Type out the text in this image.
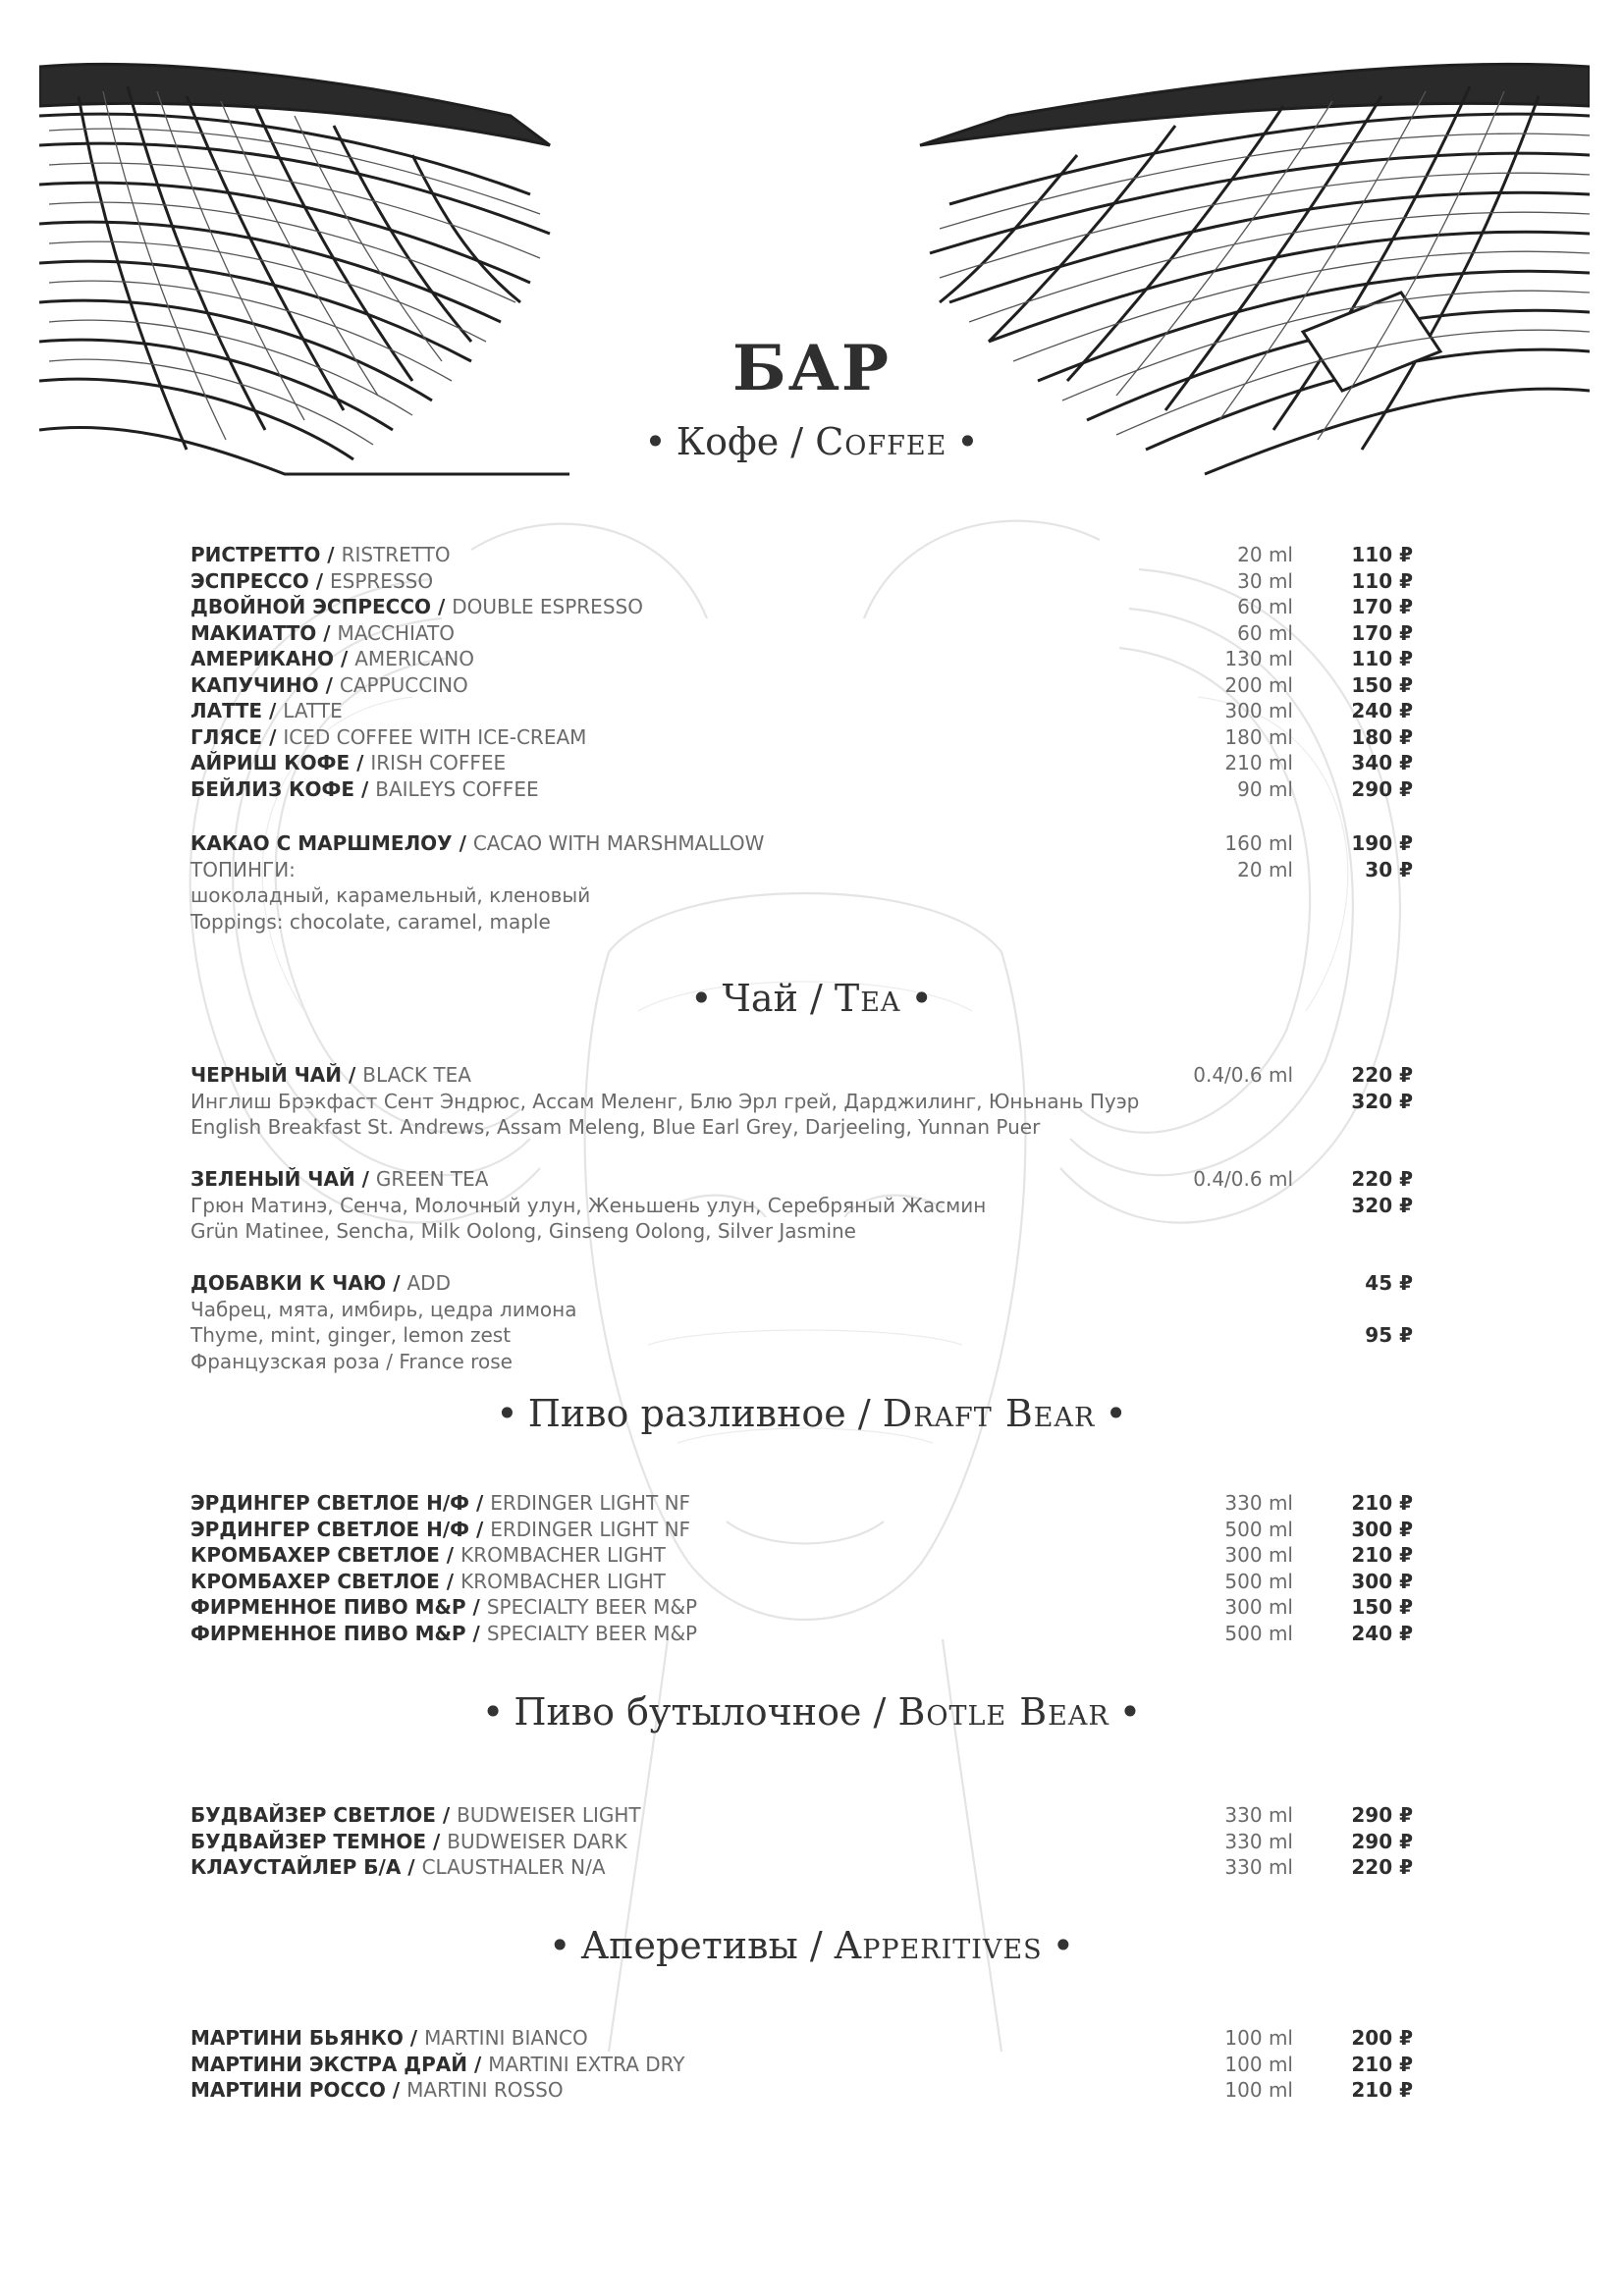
БАР
• Кофе / Coffee •
РИСТРЕТТО / RISTRETTO	20 ml	110 ₽
ЭСПРЕССО / ESPRESSO	30 ml	110 ₽
ДВОЙНОЙ ЭСПРЕССО / DOUBLE ESPRESSO	60 ml	170 ₽
МАКИАТТО / MACCHIATO	60 ml	170 ₽
АМЕРИКАНО / AMERICANO	130 ml	110 ₽
КАПУЧИНО / CAPPUCCINO	200 ml	150 ₽
ЛАТТЕ / LATTE	300 ml	240 ₽
ГЛЯСЕ / ICED COFFEE WITH ICE-CREAM	180 ml	180 ₽
АЙРИШ КОФЕ / IRISH COFFEE	210 ml	340 ₽
БЕЙЛИЗ КОФЕ / BAILEYS COFFEE	90 ml	290 ₽
КАКАО С МАРШМЕЛОУ / CACAO WITH MARSHMALLOW	160 ml	190 ₽
ТОПИНГИ:	20 ml	30 ₽
шоколадный, карамельный, кленовый
Toppings: chocolate, caramel, maple
• Чай / Tea •
ЧЕРНЫЙ ЧАЙ / BLACK TEA	0.4/0.6 ml	220 ₽
Инглиш Брэкфаст Сент Эндрюс, Ассам Меленг, Блю Эрл грей, Дарджилинг, Юньнань Пуэр	320 ₽
English Breakfast St. Andrews, Assam Meleng, Blue Earl Grey, Darjeeling, Yunnan Puer
ЗЕЛЕНЫЙ ЧАЙ / GREEN TEA	0.4/0.6 ml	220 ₽
Грюн Матинэ, Сенча, Молочный улун, Женьшень улун, Серебряный Жасмин	320 ₽
Grün Matinee, Sencha, Milk Oolong, Ginseng Oolong, Silver Jasmine
ДОБАВКИ К ЧАЮ / ADD	45 ₽
Чабрец, мята, имбирь, цедра лимона
Thyme, mint, ginger, lemon zest	95 ₽
Французская роза / France rose
• Пиво разливное / Draft Bear •
ЭРДИНГЕР СВЕТЛОЕ Н/Ф / ERDINGER LIGHT NF	330 ml	210 ₽
ЭРДИНГЕР СВЕТЛОЕ Н/Ф / ERDINGER LIGHT NF	500 ml	300 ₽
КРОМБАХЕР СВЕТЛОЕ / KROMBACHER LIGHT	300 ml	210 ₽
КРОМБАХЕР СВЕТЛОЕ / KROMBACHER LIGHT	500 ml	300 ₽
ФИРМЕННОЕ ПИВО M&P / SPECIALTY BEER M&P	300 ml	150 ₽
ФИРМЕННОЕ ПИВО M&P / SPECIALTY BEER M&P	500 ml	240 ₽
• Пиво бутылочное / Botle Bear •
БУДВАЙЗЕР СВЕТЛОЕ / BUDWEISER LIGHT	330 ml	290 ₽
БУДВАЙЗЕР ТЕМНОЕ / BUDWEISER DARK	330 ml	290 ₽
КЛАУСТАЙЛЕР Б/А / CLAUSTHALER N/A	330 ml	220 ₽
• Аперетивы / Apperitives •
МАРТИНИ БЬЯНКО / MARTINI BIANCO	100 ml	200 ₽
МАРТИНИ ЭКСТРА ДРАЙ / MARTINI EXTRA DRY	100 ml	210 ₽
МАРТИНИ РОССО / MARTINI ROSSO	100 ml	210 ₽
